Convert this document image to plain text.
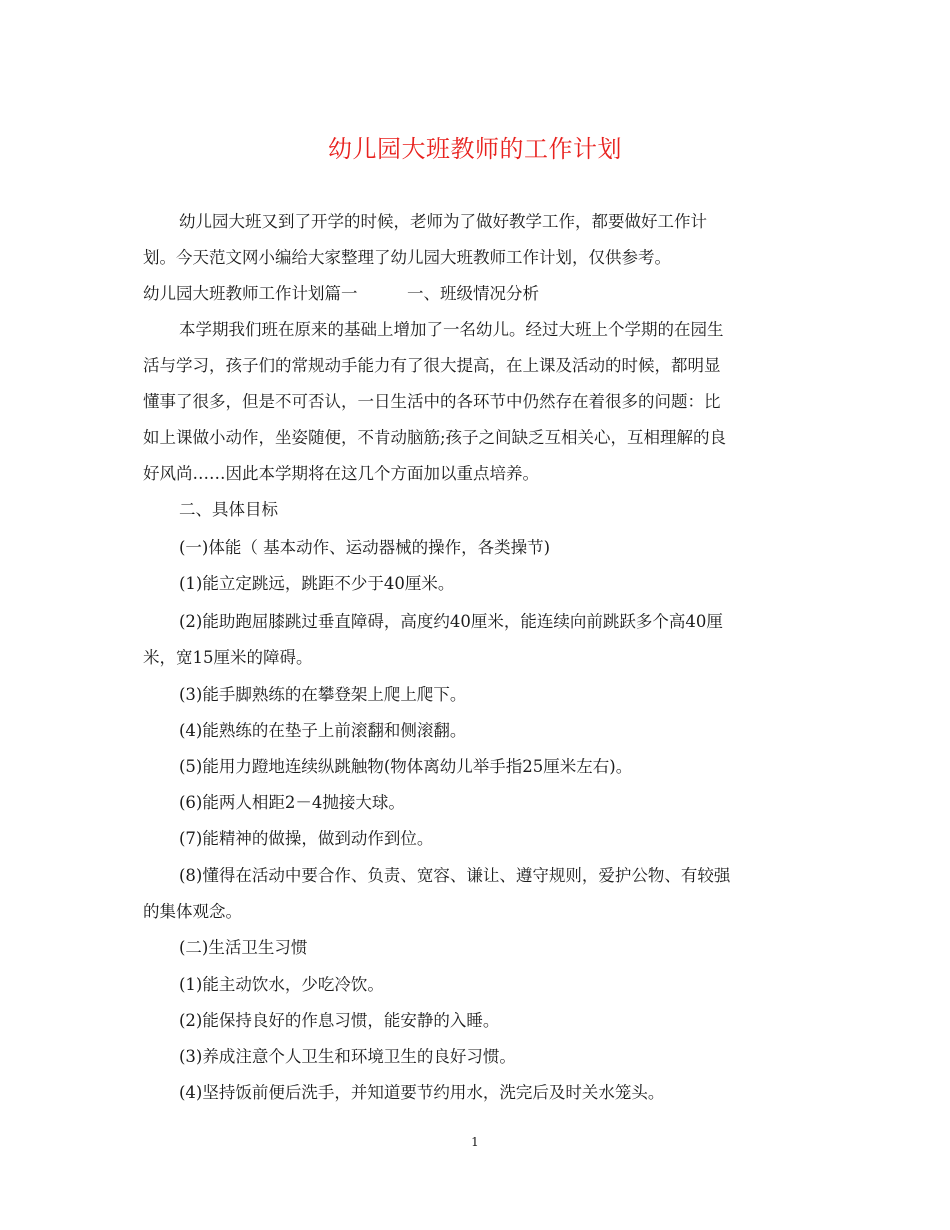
幼儿园大班教师的工作计划
幼儿园大班又到了开学的时候，老师为了做好教学工作，都要做好工作计
划。今天范文网小编给大家整理了幼儿园大班教师工作计划，仅供参考。
幼儿园大班教师工作计划篇一　　　一、班级情况分析
本学期我们班在原来的基础上增加了一名幼儿。经过大班上个学期的在园生
活与学习，孩子们的常规动手能力有了很大提高，在上课及活动的时候，都明显
懂事了很多，但是不可否认，一日生活中的各环节中仍然存在着很多的问题：比
如上课做小动作，坐姿随便，不肯动脑筋;孩子之间缺乏互相关心，互相理解的良
好风尚……因此本学期将在这几个方面加以重点培养。
二、具体目标
(一)体能（ 基本动作、运动器械的操作，各类操节)
(1)能立定跳远，跳距不少于40厘米。
(2)能助跑屈膝跳过垂直障碍，高度约40厘米，能连续向前跳跃多个高40厘
米，宽15厘米的障碍。
(3)能手脚熟练的在攀登架上爬上爬下。
(4)能熟练的在垫子上前滚翻和侧滚翻。
(5)能用力蹬地连续纵跳触物(物体离幼儿举手指25厘米左右)。
(6)能两人相距2－4抛接大球。
(7)能精神的做操，做到动作到位。
(8)懂得在活动中要合作、负责、宽容、谦让、遵守规则，爱护公物、有较强
的集体观念。
(二)生活卫生习惯
(1)能主动饮水，少吃冷饮。
(2)能保持良好的作息习惯，能安静的入睡。
(3)养成注意个人卫生和环境卫生的良好习惯。
(4)坚持饭前便后洗手，并知道要节约用水，洗完后及时关水笼头。
1
